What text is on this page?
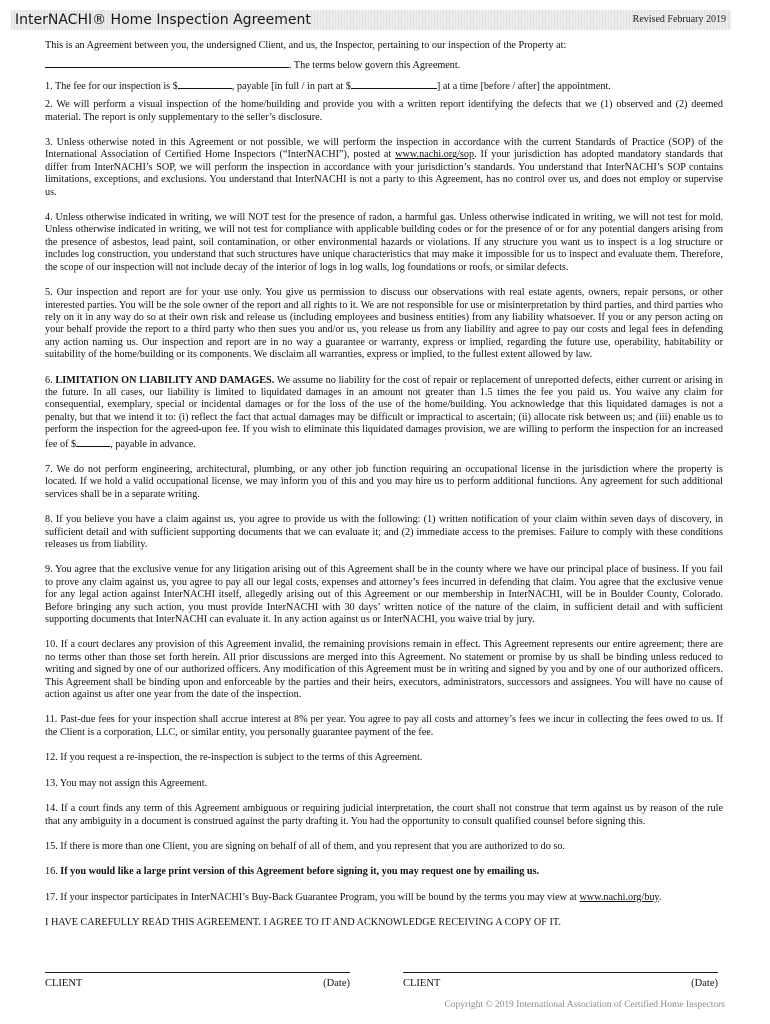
InterNACHI® Home Inspection Agreement	Revised February 2019

This is an Agreement between you, the undersigned Client, and us, the Inspector, pertaining to our inspection of the Property at:

. The terms below govern this Agreement.

1. The fee for our inspection is $	, payable [in full / in part at $	] at a time [before / after] the appointment.

2. We will perform a visual inspection of the home/building and provide you with a written report identifying the defects that we (1) observed and (2) deemed material. The report is only supplementary to the seller’s disclosure.

3. Unless otherwise noted in this Agreement or not possible, we will perform the inspection in accordance with the current Standards of Practice (SOP) of the International Association of Certified Home Inspectors (“InterNACHI”), posted at www.nachi.org/sop. If your jurisdiction has adopted mandatory standards that differ from InterNACHI’s SOP, we will perform the inspection in accordance with your jurisdiction’s standards. You understand that InterNACHI’s SOP contains limitations, exceptions, and exclusions. You understand that InterNACHI is not a party to this Agreement, has no control over us, and does not employ or supervise us.

4. Unless otherwise indicated in writing, we will NOT test for the presence of radon, a harmful gas. Unless otherwise indicated in writing, we will not test for mold. Unless otherwise indicated in writing, we will not test for compliance with applicable building codes or for the presence of or for any potential dangers arising from the presence of asbestos, lead paint, soil contamination, or other environmental hazards or violations. If any structure you want us to inspect is a log structure or includes log construction, you understand that such structures have unique characteristics that may make it impossible for us to inspect and evaluate them. Therefore, the scope of our inspection will not include decay of the interior of logs in log walls, log foundations or roofs, or similar defects.

5. Our inspection and report are for your use only. You give us permission to discuss our observations with real estate agents, owners, repair persons, or other interested parties. You will be the sole owner of the report and all rights to it. We are not responsible for use or misinterpretation by third parties, and third parties who rely on it in any way do so at their own risk and release us (including employees and business entities) from any liability whatsoever. If you or any person acting on your behalf provide the report to a third party who then sues you and/or us, you release us from any liability and agree to pay our costs and legal fees in defending any action naming us. Our inspection and report are in no way a guarantee or warranty, express or implied, regarding the future use, operability, habitability or suitability of the home/building or its components. We disclaim all warranties, express or implied, to the fullest extent allowed by law.

6. LIMITATION ON LIABILITY AND DAMAGES. We assume no liability for the cost of repair or replacement of unreported defects, either current or arising in the future. In all cases, our liability is limited to liquidated damages in an amount not greater than 1.5 times the fee you paid us. You waive any claim for consequential, exemplary, special or incidental damages or for the loss of the use of the home/building. You acknowledge that this liquidated damages is not a penalty, but that we intend it to: (i) reflect the fact that actual damages may be difficult or impractical to ascertain; (ii) allocate risk between us; and (iii) enable us to perform the inspection for the agreed-upon fee. If you wish to eliminate this liquidated damages provision, we are willing to perform the inspection for an increased fee of $	, payable in advance.

7. We do not perform engineering, architectural, plumbing, or any other job function requiring an occupational license in the jurisdiction where the property is located. If we hold a valid occupational license, we may inform you of this and you may hire us to perform additional functions. Any agreement for such additional services shall be in a separate writing.

8. If you believe you have a claim against us, you agree to provide us with the following: (1) written notification of your claim within seven days of discovery, in sufficient detail and with sufficient supporting documents that we can evaluate it; and (2) immediate access to the premises. Failure to comply with these conditions releases us from liability.

9. You agree that the exclusive venue for any litigation arising out of this Agreement shall be in the county where we have our principal place of business. If you fail to prove any claim against us, you agree to pay all our legal costs, expenses and attorney’s fees incurred in defending that claim. You agree that the exclusive venue for any legal action against InterNACHI itself, allegedly arising out of this Agreement or our membership in InterNACHI, will be in Boulder County, Colorado. Before bringing any such action, you must provide InterNACHI with 30 days’ written notice of the nature of the claim, in sufficient detail and with sufficient supporting documents that InterNACHI can evaluate it. In any action against us or InterNACHI, you waive trial by jury.

10. If a court declares any provision of this Agreement invalid, the remaining provisions remain in effect. This Agreement represents our entire agreement; there are no terms other than those set forth herein. All prior discussions are merged into this Agreement. No statement or promise by us shall be binding unless reduced to writing and signed by one of our authorized officers. Any modification of this Agreement must be in writing and signed by you and by one of our authorized officers. This Agreement shall be binding upon and enforceable by the parties and their heirs, executors, administrators, successors and assignees. You will have no cause of action against us after one year from the date of the inspection.

11. Past-due fees for your inspection shall accrue interest at 8% per year. You agree to pay all costs and attorney’s fees we incur in collecting the fees owed to us. If the Client is a corporation, LLC, or similar entity, you personally guarantee payment of the fee.

12. If you request a re-inspection, the re-inspection is subject to the terms of this Agreement.

13. You may not assign this Agreement.

14. If a court finds any term of this Agreement ambiguous or requiring judicial interpretation, the court shall not construe that term against us by reason of the rule that any ambiguity in a document is construed against the party drafting it. You had the opportunity to consult qualified counsel before signing this.

15. If there is more than one Client, you are signing on behalf of all of them, and you represent that you are authorized to do so.

16. If you would like a large print version of this Agreement before signing it, you may request one by emailing us.

17. If your inspector participates in InterNACHI’s Buy-Back Guarantee Program, you will be bound by the terms you may view at www.nachi.org/buy.

I HAVE CAREFULLY READ THIS AGREEMENT. I AGREE TO IT AND ACKNOWLEDGE RECEIVING A COPY OF IT.

CLIENT	(Date)	CLIENT	(Date)
Copyright © 2019 International Association of Certified Home Inspectors
